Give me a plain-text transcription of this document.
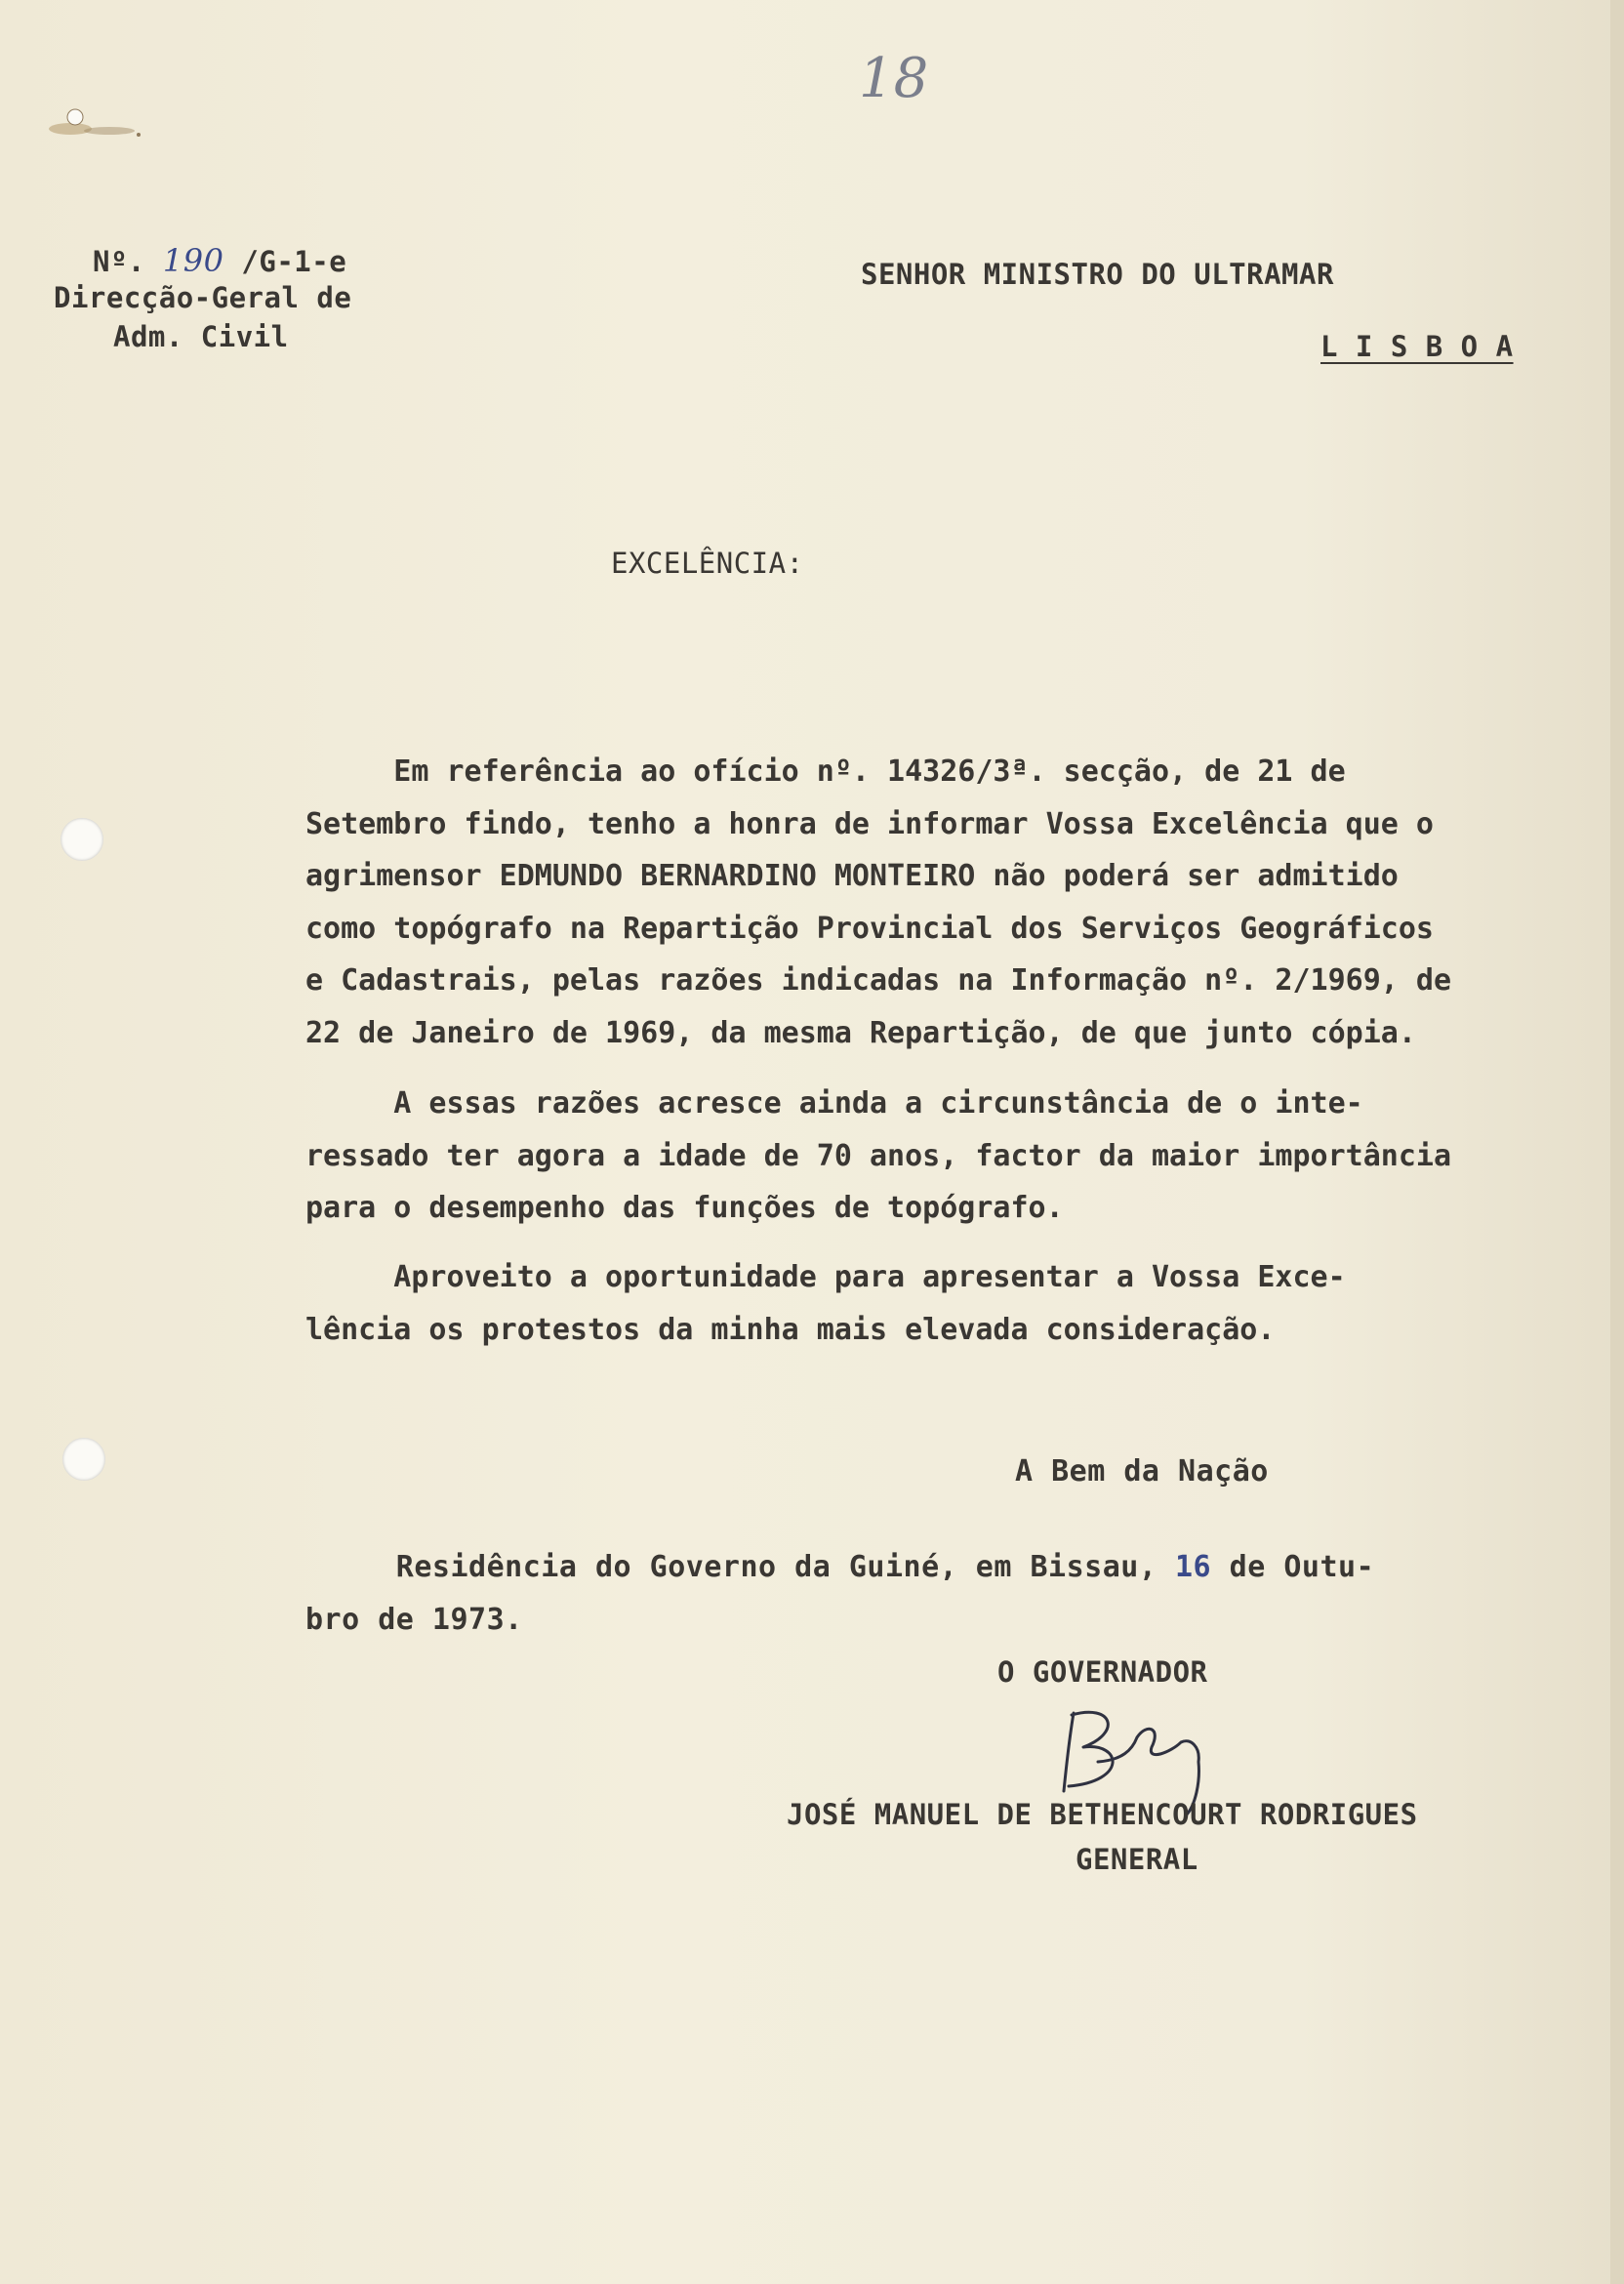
18
Nº. 190 /G-1-e
Direcção-Geral de
Adm. Civil
SENHOR MINISTRO DO ULTRAMAR
L I S B O A
EXCELÊNCIA:
Em referência ao ofício nº. 14326/3ª. secção, de 21 de
Setembro findo, tenho a honra de informar Vossa Excelência que o
agrimensor EDMUNDO BERNARDINO MONTEIRO não poderá ser admitido
como topógrafo na Repartição Provincial dos Serviços Geográficos
e Cadastrais, pelas razões indicadas na Informação nº. 2/1969, de
22 de Janeiro de 1969, da mesma Repartição, de que junto cópia.
A essas razões acresce ainda a circunstância de o inte-
ressado ter agora a idade de 70 anos, factor da maior importância
para o desempenho das funções de topógrafo.
Aproveito a oportunidade para apresentar a Vossa Exce-
lência os protestos da minha mais elevada consideração.
A Bem da Nação
Residência do Governo da Guiné, em Bissau, 16 de Outu-
bro de 1973.
O GOVERNADOR
JOSÉ MANUEL DE BETHENCOURT RODRIGUES
GENERAL
